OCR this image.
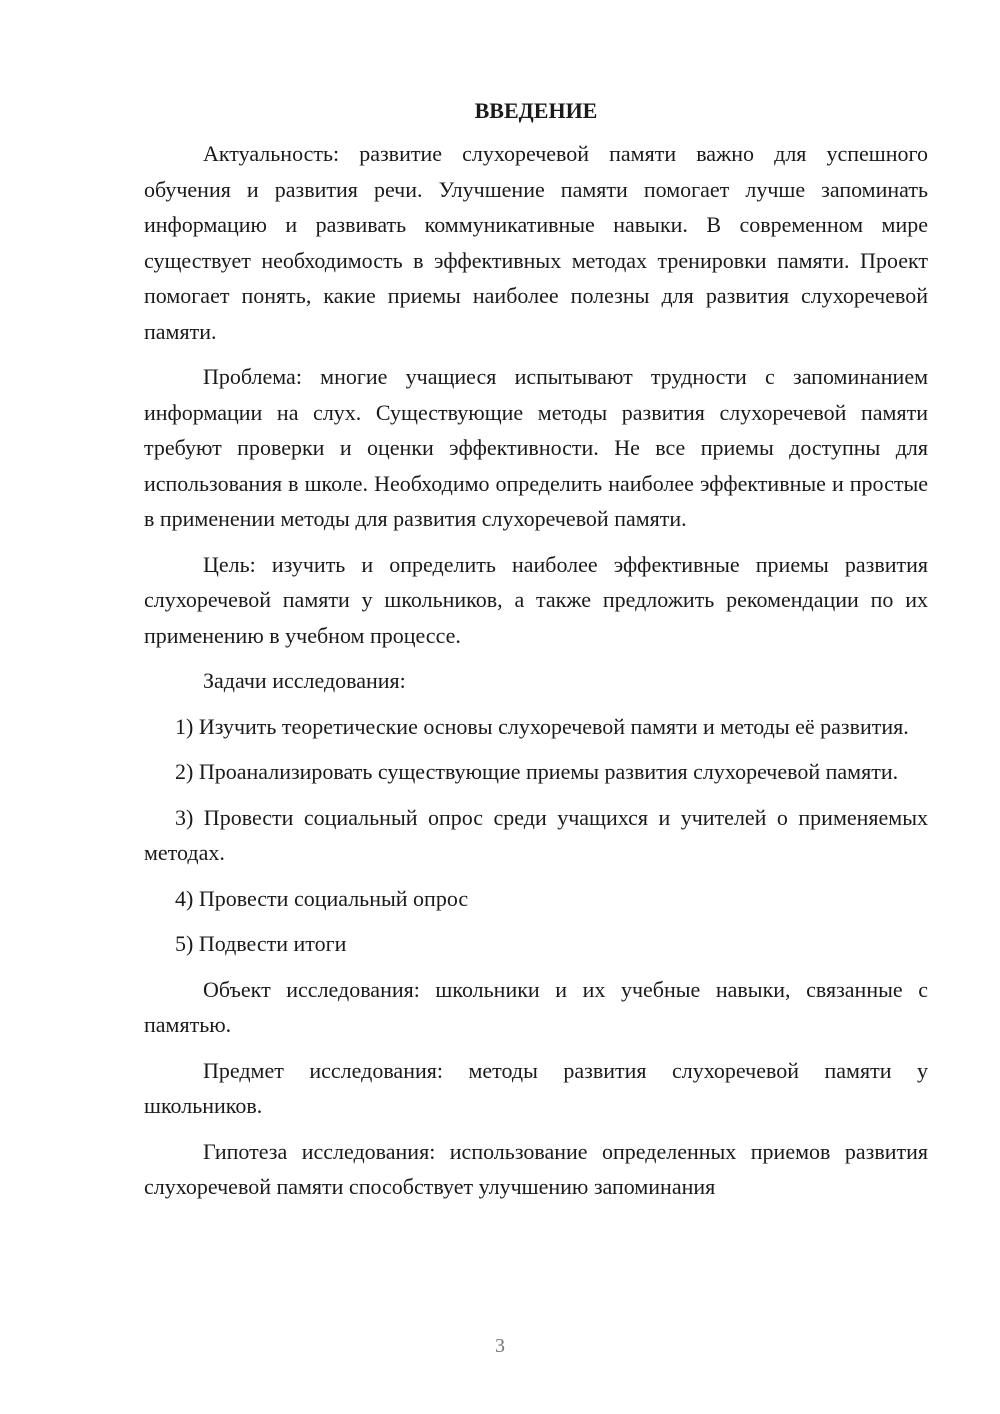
ВВЕДЕНИЕ

Актуальность: развитие слухоречевой памяти важно для успешного обучения и развития речи. Улучшение памяти помогает лучше запоминать информацию и развивать коммуникативные навыки. В современном мире существует необходимость в эффективных методах тренировки памяти. Проект помогает понять, какие приемы наиболее полезны для развития слухоречевой памяти.

Проблема: многие учащиеся испытывают трудности с запоминанием информации на слух. Существующие методы развития слухоречевой памяти требуют проверки и оценки эффективности. Не все приемы доступны для использования в школе. Необходимо определить наиболее эффективные и простые в применении методы для развития слухоречевой памяти.

Цель: изучить и определить наиболее эффективные приемы развития слухоречевой памяти у школьников, а также предложить рекомендации по их применению в учебном процессе.

Задачи исследования:

1) Изучить теоретические основы слухоречевой памяти и методы её развития.

2) Проанализировать существующие приемы развития слухоречевой памяти.

3) Провести социальный опрос среди учащихся и учителей о применяемых методах.

4) Провести социальный опрос

5) Подвести итоги

Объект исследования: школьники и их учебные навыки, связанные с памятью.

Предмет исследования: методы развития слухоречевой памяти у школьников.

Гипотеза исследования: использование определенных приемов развития слухоречевой памяти способствует улучшению запоминания

3
